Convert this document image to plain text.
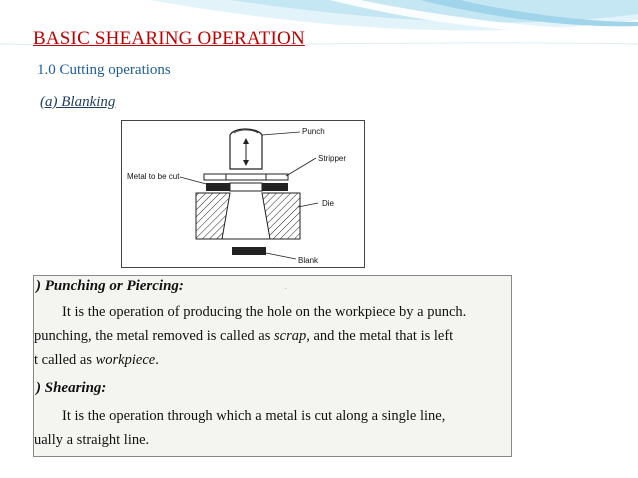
BASIC SHEARING OPERATION
1.0 Cutting operations
(a) Blanking
Punch
Stripper
Metal to be cut
Die
Blank
·
) Punching or Piercing:
It is the operation of producing the hole on the workpiece by a punch.
punching, the metal removed is called as scrap, and the metal that is left
t called as workpiece.
) Shearing:
It is the operation through which a metal is cut along a single line,
ually a straight line.
